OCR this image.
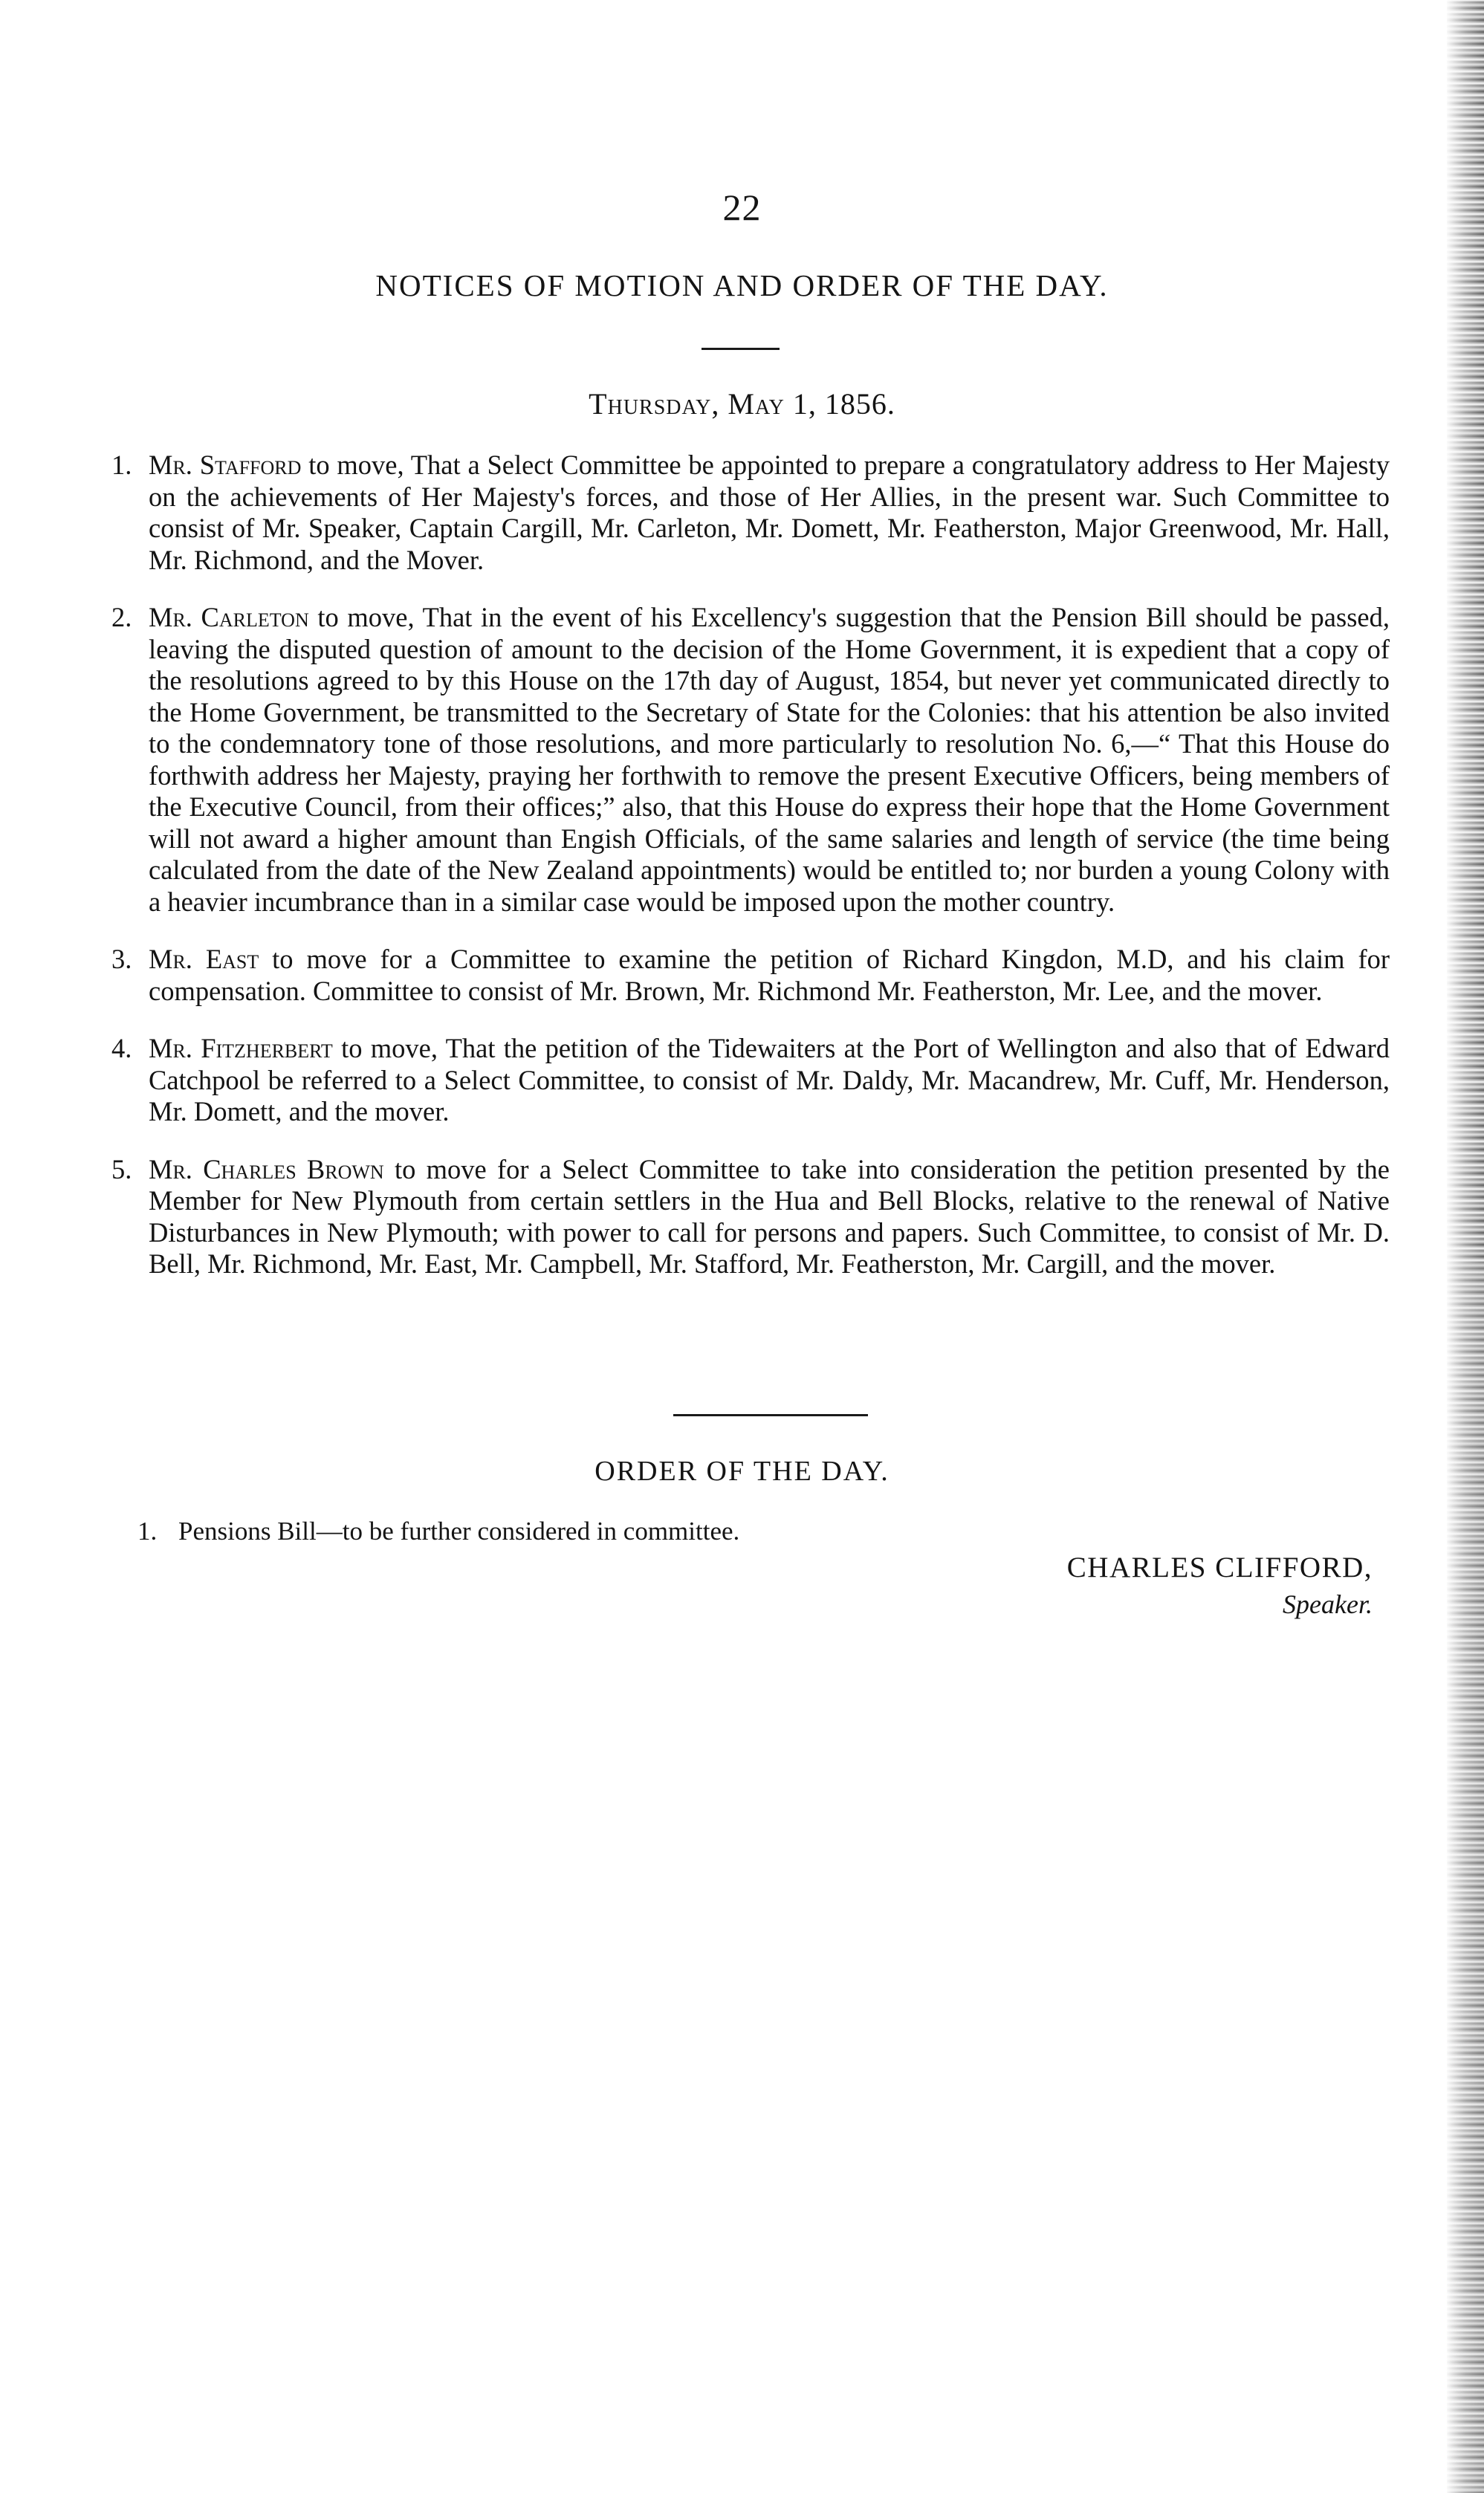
22
NOTICES OF MOTION AND ORDER OF THE DAY.
Thursday, May 1, 1856.
1. Mr. Stafford to move, That a Select Committee be appointed to prepare a congratulatory address to Her Majesty on the achievements of Her Majesty's forces, and those of Her Allies, in the present war. Such Committee to consist of Mr. Speaker, Captain Cargill, Mr. Carleton, Mr. Domett, Mr. Featherston, Major Greenwood, Mr. Hall, Mr. Richmond, and the Mover.
2. Mr. Carleton to move, That in the event of his Excellency's suggestion that the Pension Bill should be passed, leaving the disputed question of amount to the decision of the Home Government, it is expedient that a copy of the resolutions agreed to by this House on the 17th day of August, 1854, but never yet communicated directly to the Home Government, be transmitted to the Secretary of State for the Colonies: that his attention be also invited to the condemnatory tone of those resolutions, and more particularly to resolution No. 6,—“ That this House do forthwith address her Majesty, praying her forthwith to remove the present Executive Officers, being members of the Executive Council, from their offices;” also, that this House do express their hope that the Home Government will not award a higher amount than Engish Officials, of the same salaries and length of service (the time being calculated from the date of the New Zealand appointments) would be entitled to; nor burden a young Colony with a heavier incumbrance than in a similar case would be imposed upon the mother country.
3. Mr. East to move for a Committee to examine the petition of Richard Kingdon, M.D, and his claim for compensation. Committee to consist of Mr. Brown, Mr. Richmond Mr. Featherston, Mr. Lee, and the mover.
4. Mr. Fitzherbert to move, That the petition of the Tidewaiters at the Port of Wellington and also that of Edward Catchpool be referred to a Select Committee, to consist of Mr. Daldy, Mr. Macandrew, Mr. Cuff, Mr. Henderson, Mr. Domett, and the mover.
5. Mr. Charles Brown to move for a Select Committee to take into consideration the petition presented by the Member for New Plymouth from certain settlers in the Hua and Bell Blocks, relative to the renewal of Native Disturbances in New Plymouth; with power to call for persons and papers. Such Committee, to consist of Mr. D. Bell, Mr. Richmond, Mr. East, Mr. Campbell, Mr. Stafford, Mr. Featherston, Mr. Cargill, and the mover.
ORDER OF THE DAY.
1. Pensions Bill—to be further considered in committee.
CHARLES CLIFFORD,
Speaker.
